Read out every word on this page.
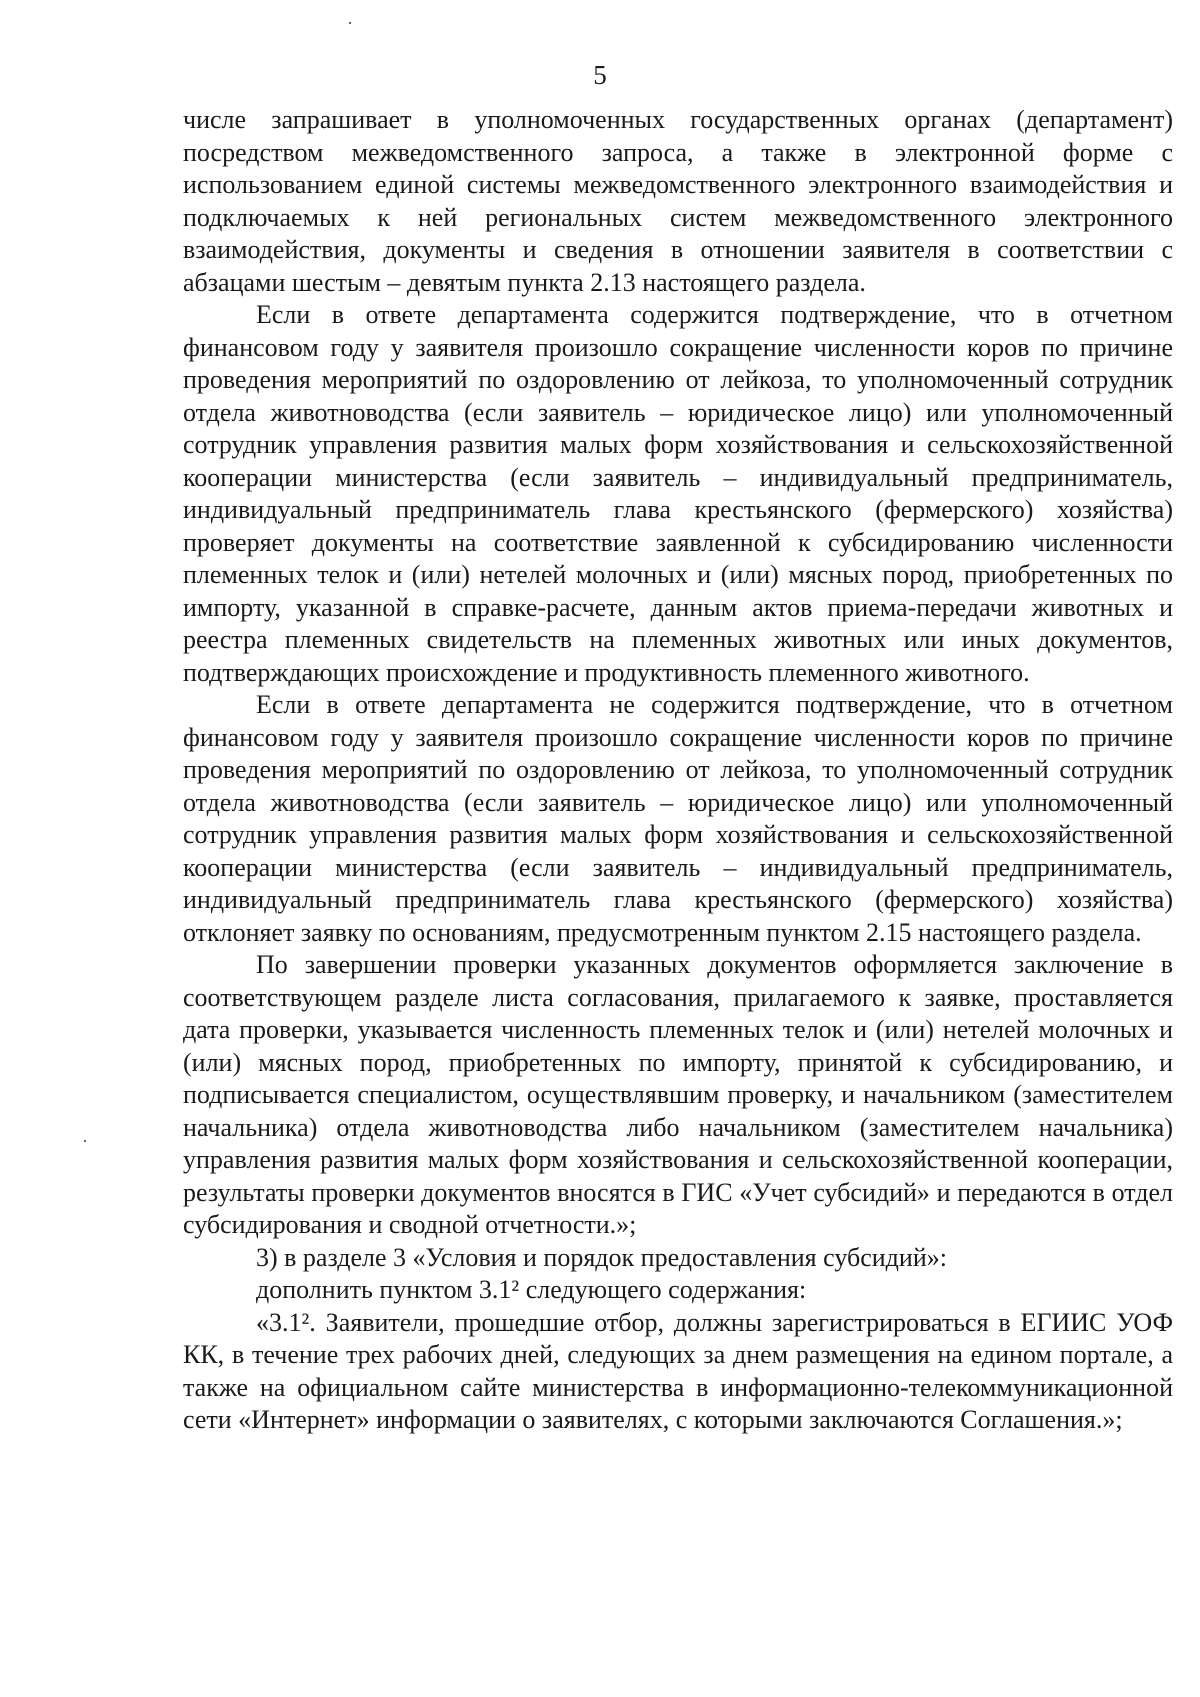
5

числе запрашивает в уполномоченных государственных органах (департамент) посредством межведомственного запроса, а также в электронной форме с использованием единой системы межведомственного электронного взаимодействия и подключаемых к ней региональных систем межведомственного электронного взаимодействия, документы и сведения в отношении заявителя в соответствии с абзацами шестым – девятым пункта 2.13 настоящего раздела.

Если в ответе департамента содержится подтверждение, что в отчетном финансовом году у заявителя произошло сокращение численности коров по причине проведения мероприятий по оздоровлению от лейкоза, то уполномоченный сотрудник отдела животноводства (если заявитель – юридическое лицо) или уполномоченный сотрудник управления развития малых форм хозяйствования и сельскохозяйственной кооперации министерства (если заявитель – индивидуальный предприниматель, индивидуальный предприниматель глава крестьянского (фермерского) хозяйства) проверяет документы на соответствие заявленной к субсидированию численности племенных телок и (или) нетелей молочных и (или) мясных пород, приобретенных по импорту, указанной в справке-расчете, данным актов приема-передачи животных и реестра племенных свидетельств на племенных животных или иных документов, подтверждающих происхождение и продуктивность племенного животного.

Если в ответе департамента не содержится подтверждение, что в отчетном финансовом году у заявителя произошло сокращение численности коров по причине проведения мероприятий по оздоровлению от лейкоза, то уполномоченный сотрудник отдела животноводства (если заявитель – юридическое лицо) или уполномоченный сотрудник управления развития малых форм хозяйствования и сельскохозяйственной кооперации министерства (если заявитель – индивидуальный предприниматель, индивидуальный предприниматель глава крестьянского (фермерского) хозяйства) отклоняет заявку по основаниям, предусмотренным пунктом 2.15 настоящего раздела.

По завершении проверки указанных документов оформляется заключение в соответствующем разделе листа согласования, прилагаемого к заявке, проставляется дата проверки, указывается численность племенных телок и (или) нетелей молочных и (или) мясных пород, приобретенных по импорту, принятой к субсидированию, и подписывается специалистом, осуществлявшим проверку, и начальником (заместителем начальника) отдела животноводства либо начальником (заместителем начальника) управления развития малых форм хозяйствования и сельскохозяйственной кооперации, результаты проверки документов вносятся в ГИС «Учет субсидий» и передаются в отдел субсидирования и сводной отчетности.»;

3) в разделе 3 «Условия и порядок предоставления субсидий»:

дополнить пунктом 3.1² следующего содержания:

«3.1². Заявители, прошедшие отбор, должны зарегистрироваться в ЕГИИС УОФ КК, в течение трех рабочих дней, следующих за днем размещения на едином портале, а также на официальном сайте министерства в информационно-телекоммуникационной сети «Интернет» информации о заявителях, с которыми заключаются Соглашения.»;
